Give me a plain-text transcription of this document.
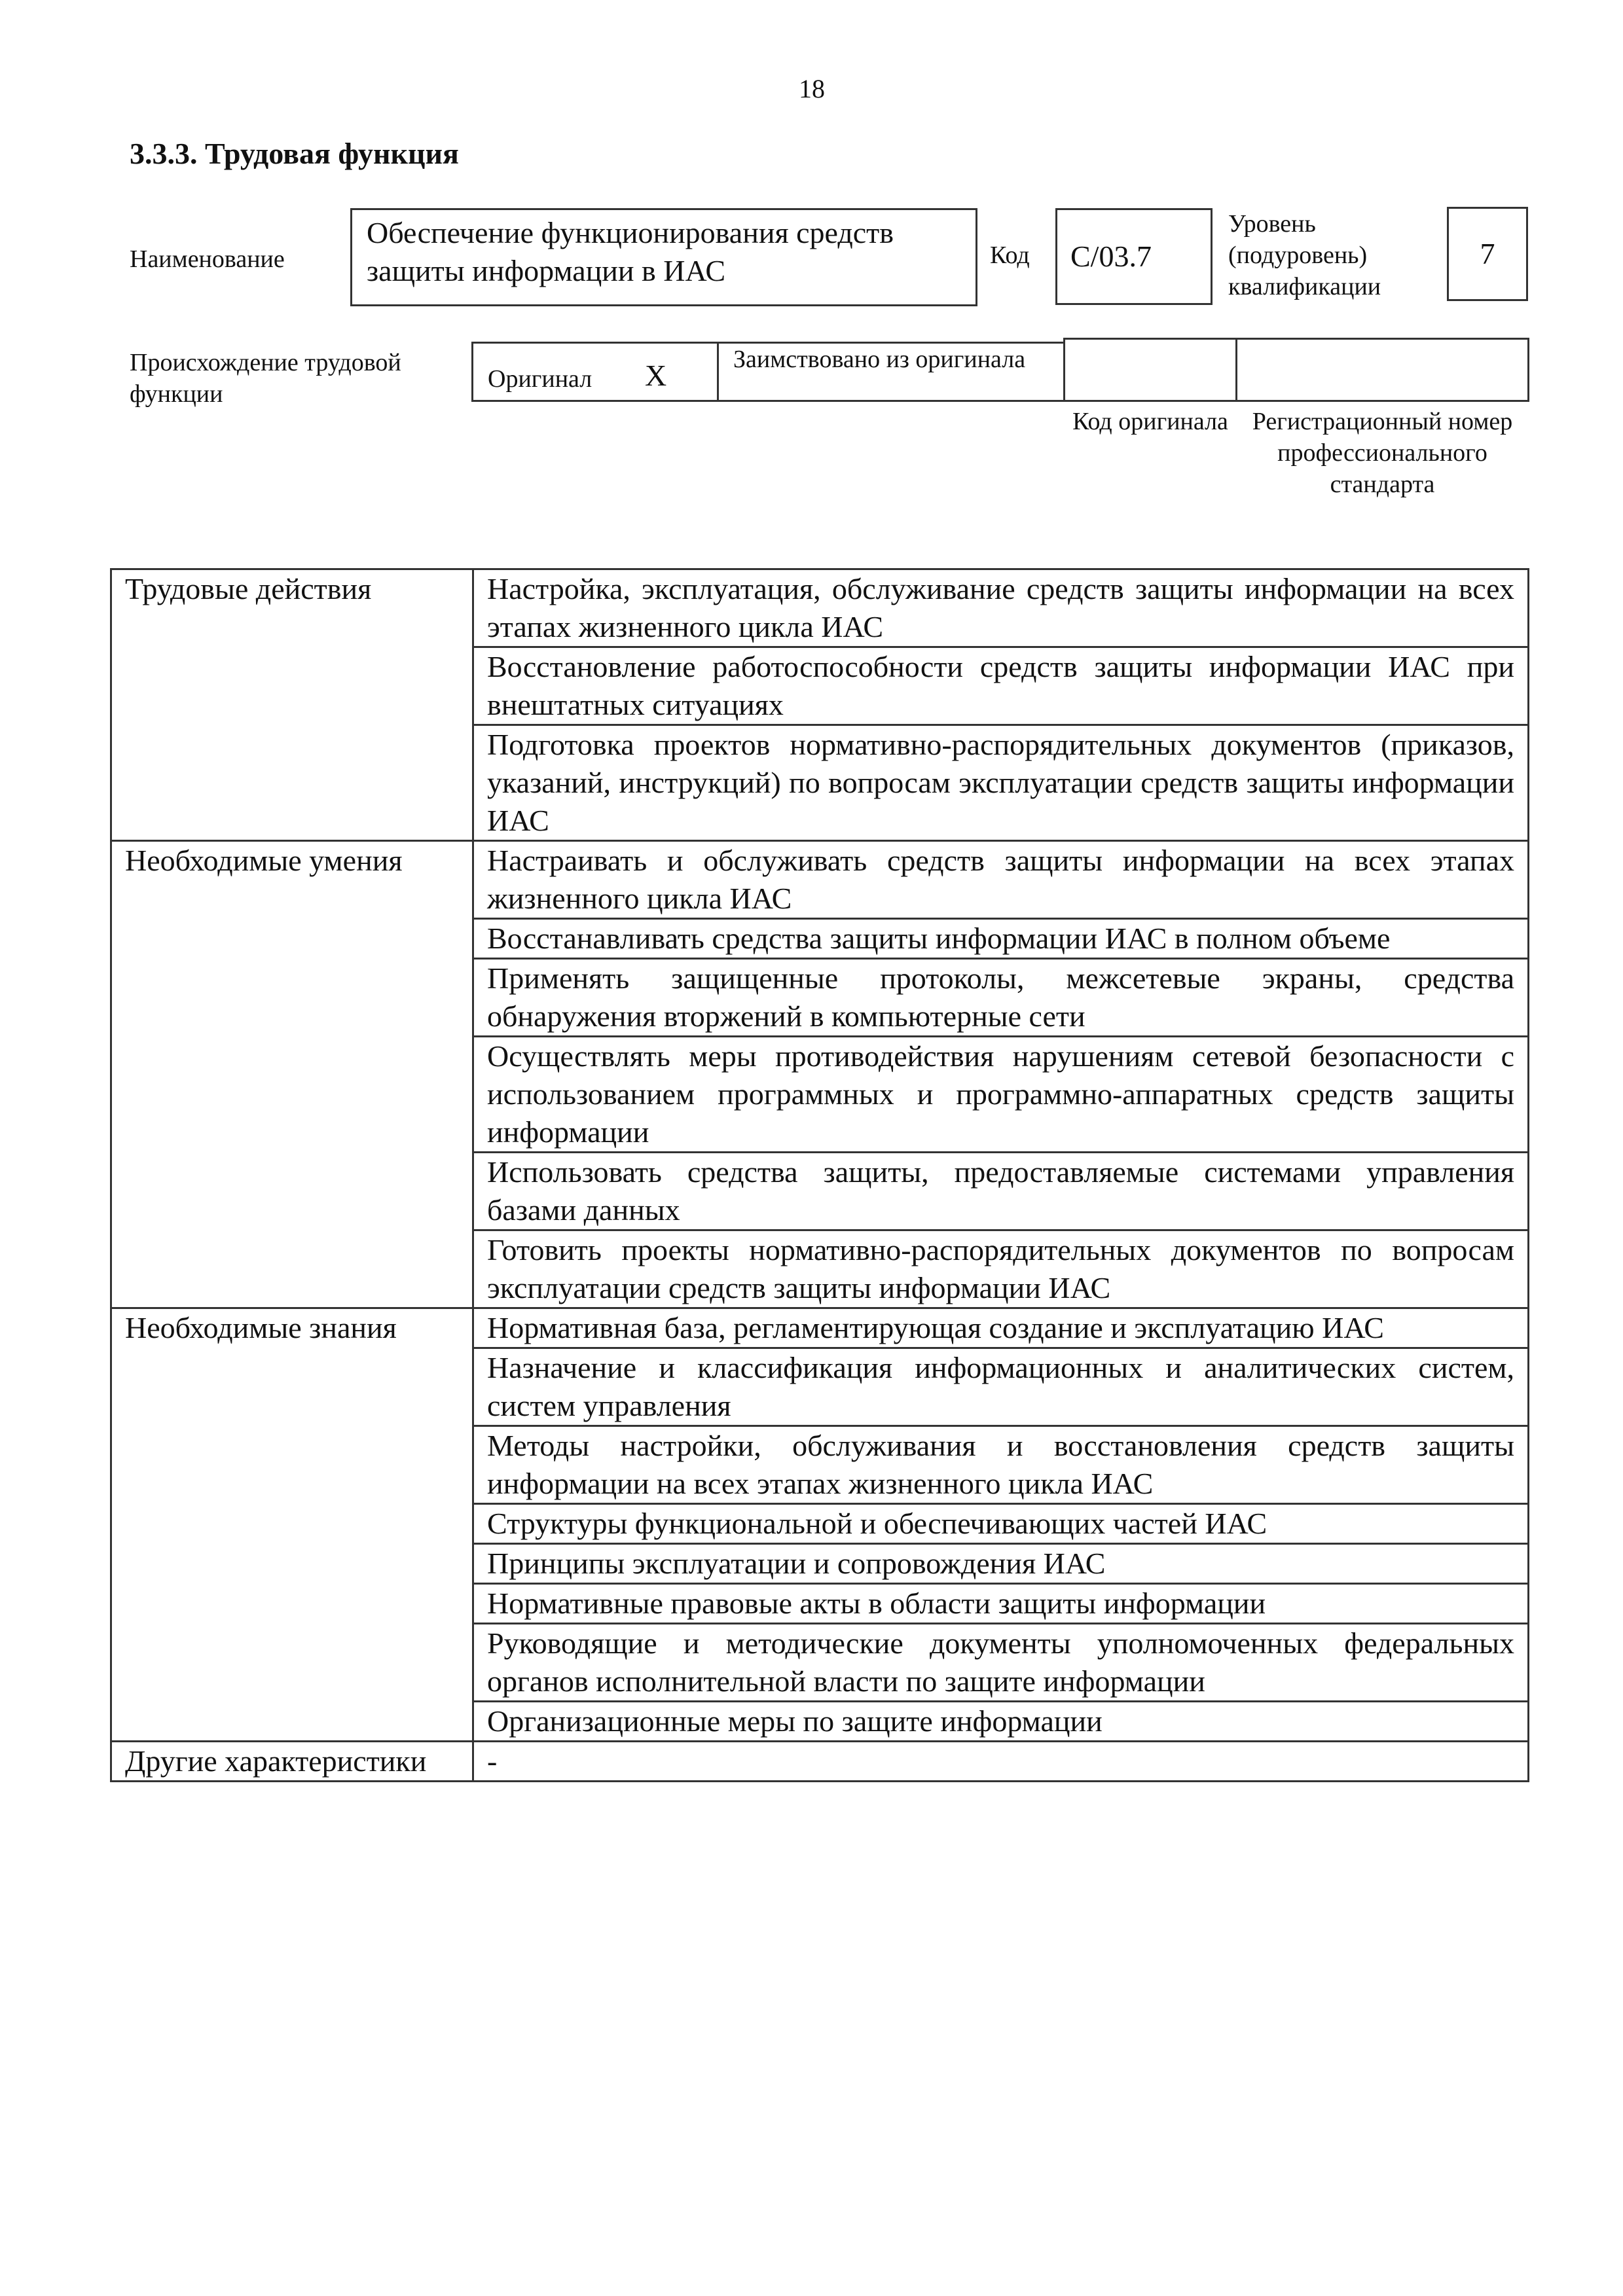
18
3.3.3. Трудовая функция
Наименование
Обеспечение функционирования средств защиты информации в ИАС	Код	C/03.7
Уровень (подуровень) квалификации
7
Происхождение трудовой функции
Оригинал X	Заимствовано из оригинала
Код оригинала Регистрационный номер профессионального стандарта
Трудовые действия	Настройка, эксплуатация, обслуживание средств защиты информации на всех этапах жизненного цикла ИАС
	Восстановление работоспособности средств защиты информации ИАС при внештатных ситуациях
	Подготовка проектов нормативно-распорядительных документов (приказов, указаний, инструкций) по вопросам эксплуатации средств защиты информации ИАС
Необходимые умения	Настраивать и обслуживать средств защиты информации на всех этапах жизненного цикла ИАС
	Восстанавливать средства защиты информации ИАС в полном объеме
	Применять защищенные протоколы, межсетевые экраны, средства обнаружения вторжений в компьютерные сети
	Осуществлять меры противодействия нарушениям сетевой безопасности с использованием программных и программно-аппаратных средств защиты информации
	Использовать средства защиты, предоставляемые системами управления базами данных
	Готовить проекты нормативно-распорядительных документов по вопросам эксплуатации средств защиты информации ИАС
Необходимые знания	Нормативная база, регламентирующая создание и эксплуатацию ИАС
	Назначение и классификация информационных и аналитических систем, систем управления
	Методы настройки, обслуживания и восстановления средств защиты информации на всех этапах жизненного цикла ИАС
	Структуры функциональной и обеспечивающих частей ИАС
	Принципы эксплуатации и сопровождения ИАС
	Нормативные правовые акты в области защиты информации
	Руководящие и методические документы уполномоченных федеральных органов исполнительной власти по защите информации
	Организационные меры по защите информации
Другие характеристики	-
